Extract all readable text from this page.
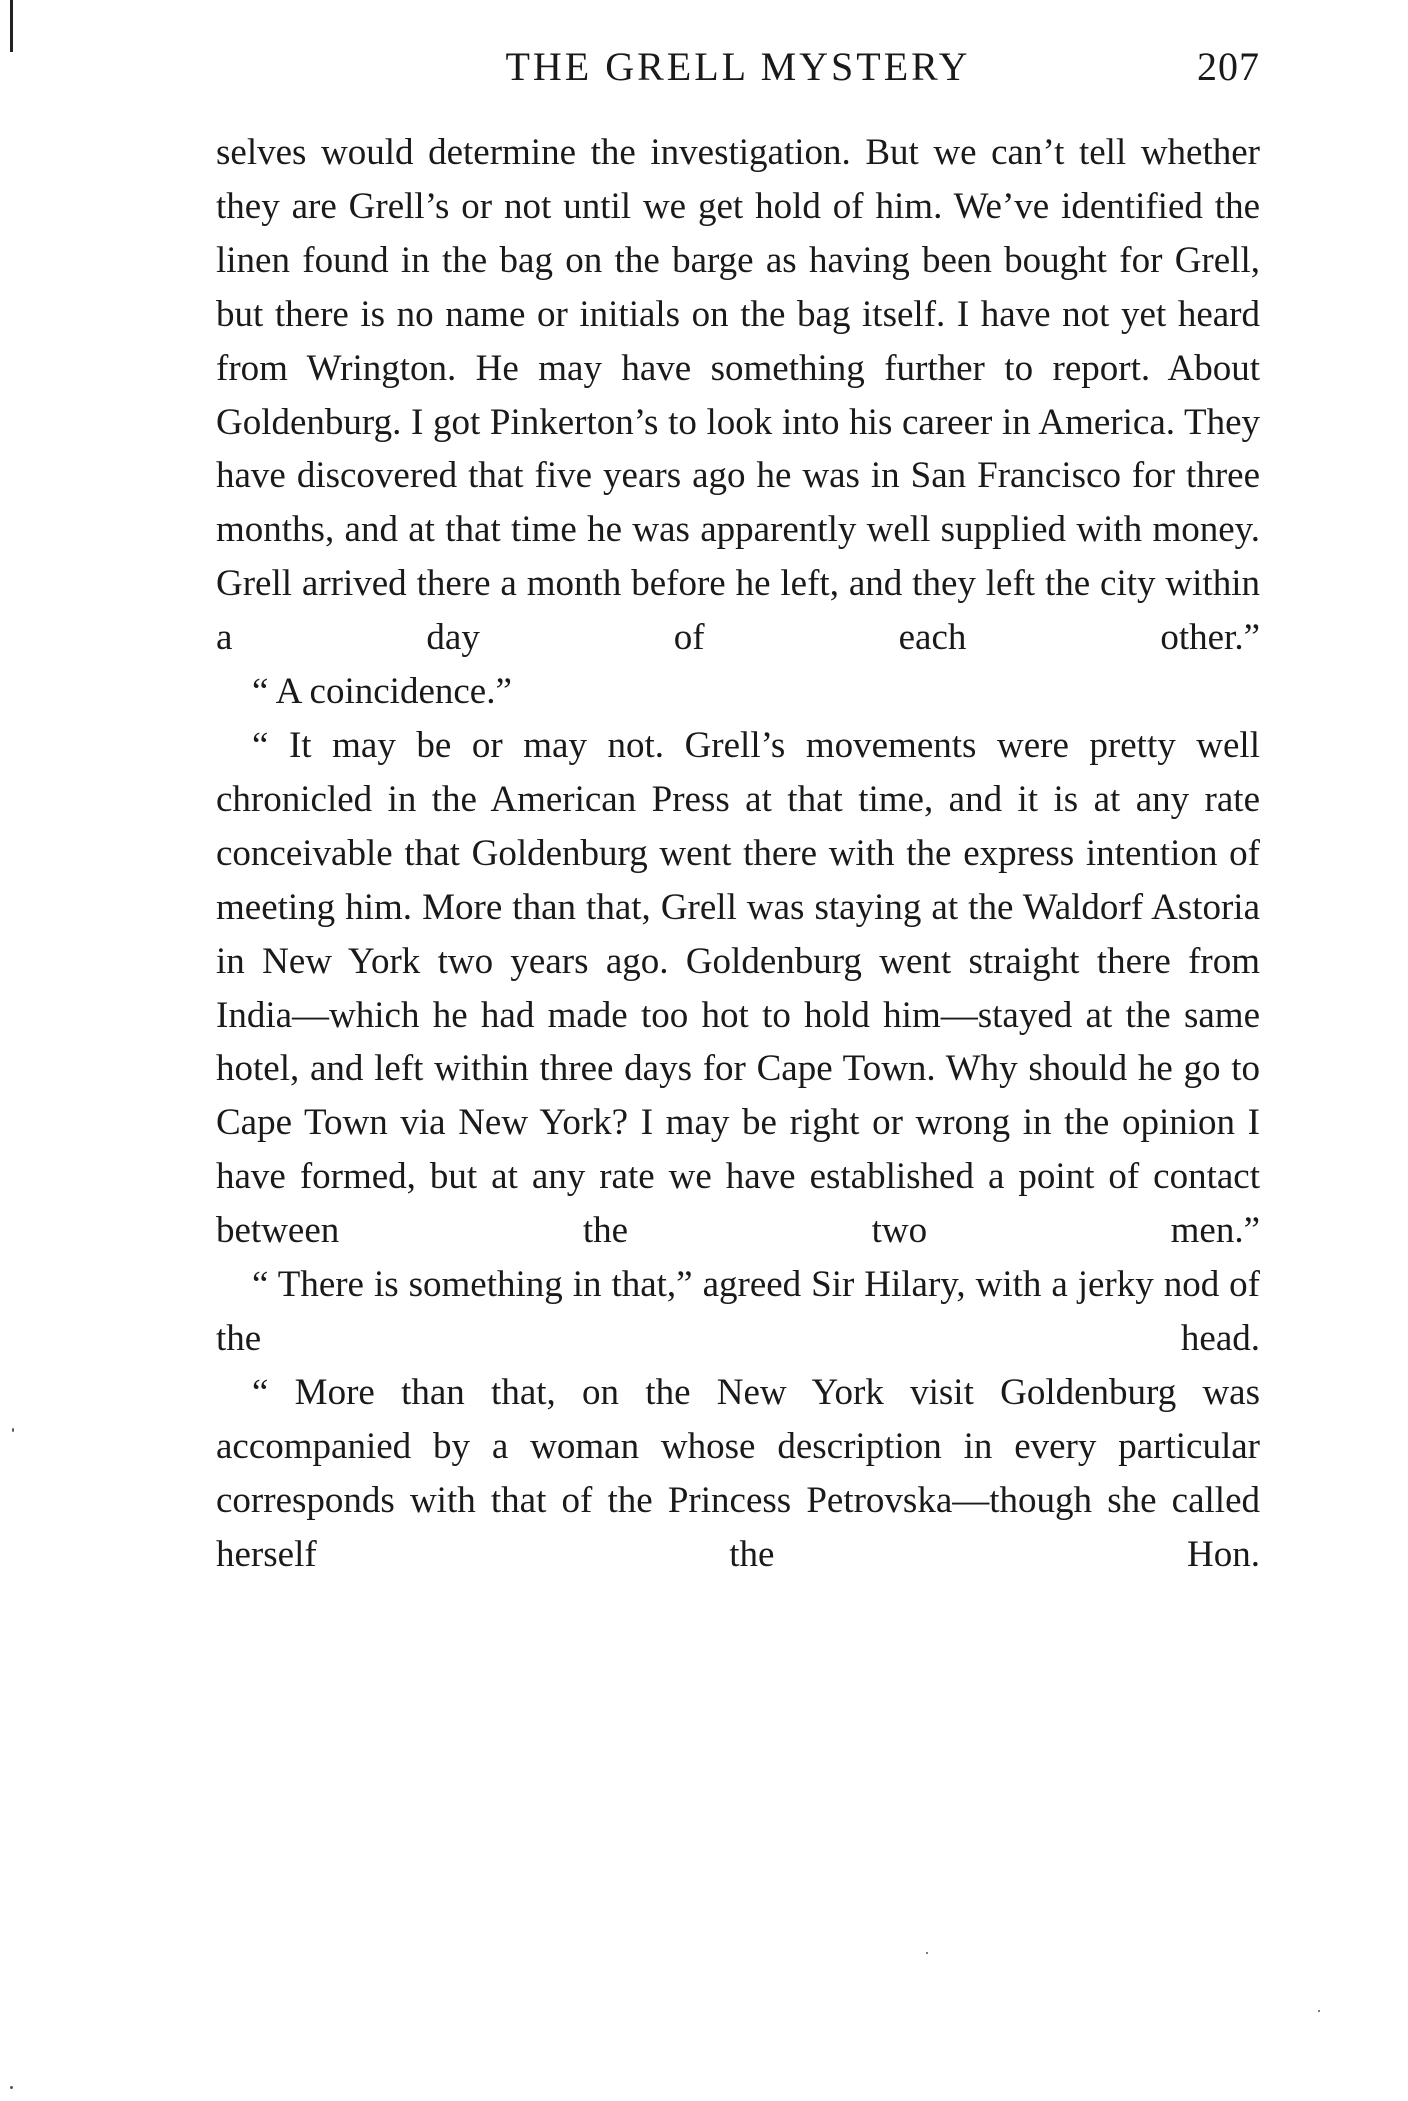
THE GRELL MYSTERY	207

selves would determine the investigation. But we can’t tell whether they are Grell’s or not until we get hold of him. We’ve identified the linen found in the bag on the barge as having been bought for Grell, but there is no name or initials on the bag itself. I have not yet heard from Wrington. He may have something further to report. About Goldenburg. I got Pinkerton’s to look into his career in America. They have discovered that five years ago he was in San Francisco for three months, and at that time he was apparently well supplied with money. Grell arrived there a month before he left, and they left the city within a day of each other.”

“ A coincidence.”

“ It may be or may not. Grell’s movements were pretty well chronicled in the American Press at that time, and it is at any rate conceivable that Goldenburg went there with the express intention of meeting him. More than that, Grell was staying at the Waldorf Astoria in New York two years ago. Goldenburg went straight there from India—which he had made too hot to hold him—stayed at the same hotel, and left within three days for Cape Town. Why should he go to Cape Town via New York? I may be right or wrong in the opinion I have formed, but at any rate we have established a point of contact between the two men.”

“ There is something in that,” agreed Sir Hilary, with a jerky nod of the head.

“ More than that, on the New York visit Goldenburg was accompanied by a woman whose description in every particular corresponds with that of the Princess Petrovska—though she called herself the Hon.
